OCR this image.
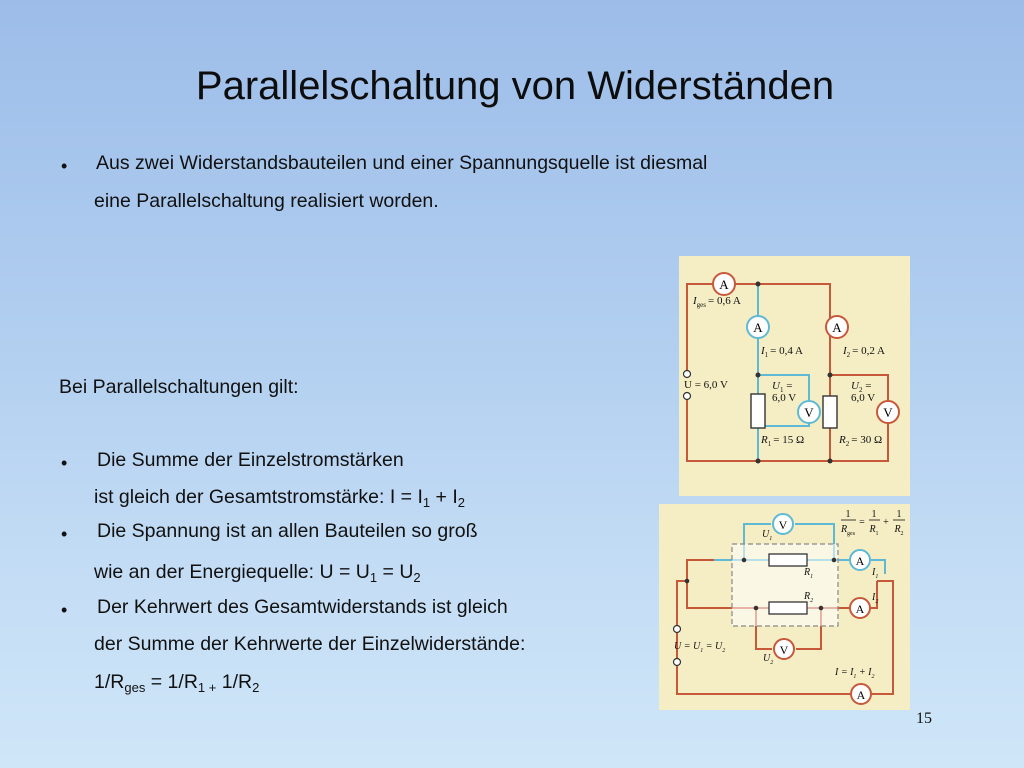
Parallelschaltung von Widerständen
• Aus zwei Widerstandsbauteilen und einer Spannungsquelle ist diesmal
eine Parallelschaltung realisiert worden.
Bei Parallelschaltungen gilt:
• Die Summe der Einzelstromstärken
ist gleich der Gesamtstromstärke: $I = I_1 + I_2$
• Die Spannung ist an allen Bauteilen so groß
wie an der Energiequelle: $U = U_1 = U_2$
• Der Kehrwert des Gesamtwiderstands ist gleich
der Summe der Kehrwerte der Einzelwiderstände:
$1/R_{ges} = 1/R_{1 +}$ $1/R_2$
15
A
A	A
V	V
$I_{ges} = 0,6$ A
$I_1 = 0,4$ A	$I_2 = 0,2$ A
U = 6,0 V	$U_1$ =
6,0 V
$U_2$ =
6,0 V
$R_1 = 15$ Ω	$R_2 = 30$ Ω
V
V
A
A
A
1
$R_{ges}$
=
1
$R_1$
+
1
$R_2$
$U_1$
$R_1$
$R_2$
$I_1$
$I_2$
$U_2$
$U = U_1 = U_2$
$I = I_1 + I_2$
